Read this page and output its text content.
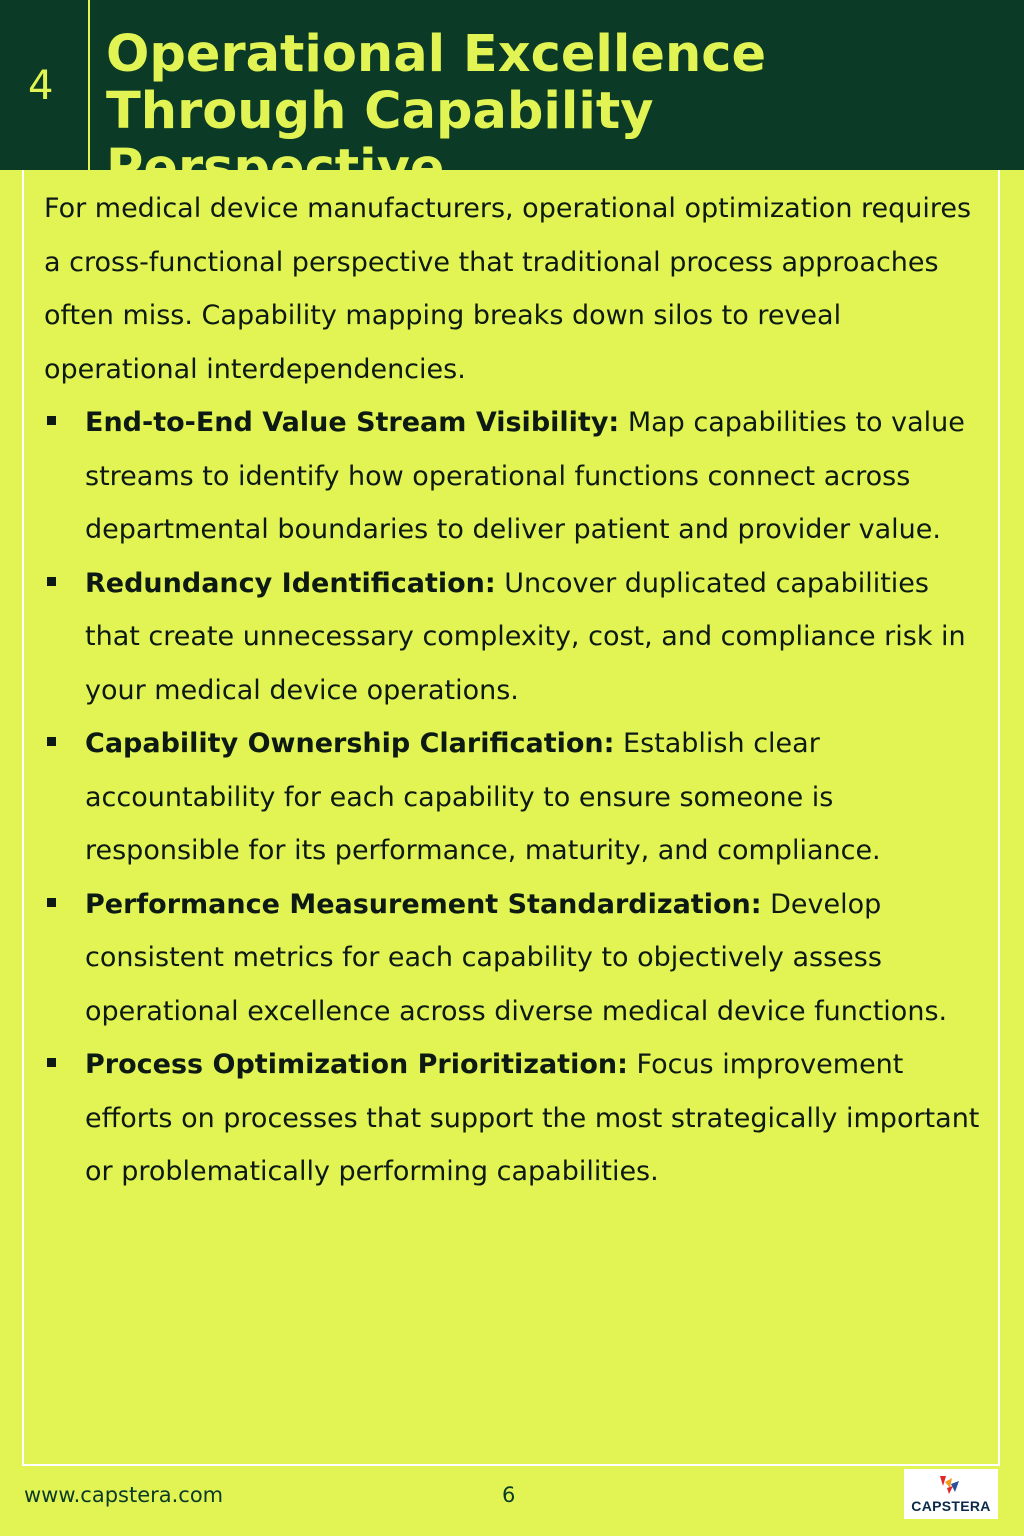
4
Operational Excellence Through Capability Perspective

For medical device manufacturers, operational optimization requires a cross-functional perspective that traditional process approaches often miss. Capability mapping breaks down silos to reveal operational interdependencies.

End-to-End Value Stream Visibility: Map capabilities to value streams to identify how operational functions connect across departmental boundaries to deliver patient and provider value.
Redundancy Identification: Uncover duplicated capabilities that create unnecessary complexity, cost, and compliance risk in your medical device operations.
Capability Ownership Clarification: Establish clear accountability for each capability to ensure someone is responsible for its performance, maturity, and compliance.
Performance Measurement Standardization: Develop consistent metrics for each capability to objectively assess operational excellence across diverse medical device functions.
Process Optimization Prioritization: Focus improvement efforts on processes that support the most strategically important or problematically performing capabilities.
www.capstera.com	6	CAPSTERA
